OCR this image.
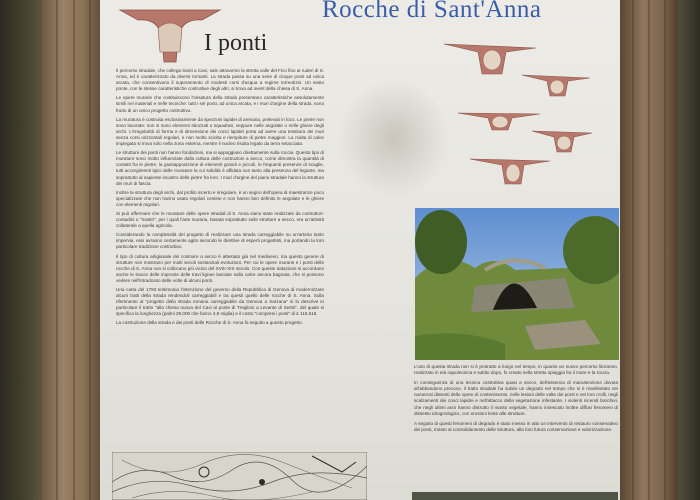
Rocche di Sant'Anna
I ponti

Il percorso stradale, che collega Santi a Cavi, sale attraverso la stretta valle del Fico fino ai ruderi di S. Anna, ed è caratterizzato da diversi tornanti. La strada passa su una serie di cinque ponti ad unica arcata, che consentivano il superamento di modesti corsi d'acqua a regime torrentizio. Un sesto ponte, con le stesse caratteristiche costruttive degli altri, si trova ad ovest della chiesa di S. Anna.

Le opere murarie che costituiscono l'ossatura della strada presentano caratteristiche assolutamente simili nei materiali e nelle tecniche: tutti i sei ponti, ad unica arcata, e i muri d'argine della strada, sono frutto di un unico progetto costruttivo.

La muratura è costruita esclusivamente da spezzoni lapidei di arenaria, prelevati in loco. Le pietre non sono lavorate: non si sono elementi sbozzati o squadrati, neppure nelle angolate o nelle ghiere degli archi. L'irregolarità di forma e di dimensione dei conci lapidei porta ad avere una tessitura dei muri senza corsi orizzontali regolari, e non molto sciolta e riempiture di pietre maggiori. La malta di calce impiegata si trova solo nella zona esterna, mentre il nucleo risulta legato da terra setacciata.

Le strutture dei ponti non hanno fondazioni, ma si appoggiano direttamente sulla roccia. Questo tipo di murature sono molto influenzate dalla cultura delle costruzioni a secco, come dimostra la quantità di contatti fra le pietre, la giustapposizione di elementi grandi e piccoli, le frequenti presenze di scaglie, tutti accorgimenti tipici delle murature la cui solidità è affidata non tanto alla presenza del legante, ma soprattutto al sapiente incastro delle pietre fra loro. I muri d'argine del piano stradale hanno la struttura dei muri di fascia.

Inoltre la struttura degli archi, dal profilo incerto e irregolare, è un segno dell'opera di maestranze poco specializzate che non hanno usato regolari centine e non hanno ben definito le angolate e le ghiere con elementi regolari.

Si può affermare che le murature delle opere stradali di S. Anna siano state realizzate da costruttori-contadini o "mastri", per i quali l'arte muraria, basata soprattutto sulle strutture a secco, era un'attività collaterale a quella agricola.

Considerando la complessità del progetto di realizzare una strada carreggiabile su un'arteria tanto impervia, essi avranno certamente agito secondo le direttive di esperti progettisti, ma portando la loro particolare tradizione costruttiva.

Il tipo di cultura artigianale del costruire a secco è attestato già nel medioevo, ma questo genere di strutture non mostrano per molti secoli sostanziali evoluzioni. Per cui le opere murarie e i ponti delle rocche di S. Anna non si collocano più vicino del XVIII-XIX secolo. Con queste datazione si accordano anche le tracce delle impronte delle travi lignee lasciate sulla calce ancora bagnata, che si possono vedere nell'intradosso delle volte di alcuni ponti.

Una carta del 1793 testimonia l'intenzione del governo della Repubblica di Genova di modernizzare alcuni tratti della strada rendendoli carreggiabili e tra questi quello delle rocche di S. Anna. Sulla riferimento al "progetto della strada romana carreggiabile da Genova a Sarzana" si lo descrive in particolare il tratto "alla chiesa nuova del Cavi al ponte di Treglioni a Levante di Sestri", del quale si specifica la lunghezza (palmi 29.000 che fanno 4,8 miglia) e il costo "compresi i ponti" di £ 115.616.

La costruzione della strada e dei ponti delle Rocche di S. Anna fa seguito a questo progetto.

L'uso di questa strada non si è protratto a lungo nel tempo, in quanto un nuovo percorso litoraneo, realizzato in età napoleonica e subito dopo, fu creato nella stretta spiaggia fra il mare e la roccia.

In conseguenza di una tecnica costruttiva quasi a secco, dell'assenza di manutenzione dovuta all'abbandono precoce, il tratto stradale ha subito un degrado nel tempo che si è manifestato nei numerosi dissesti delle opere di contenimento, nelle lesioni delle volte dei ponti e nei loro crolli, negli scalzamenti dei conci lapidei e nell'attacco della vegetazione infestante. I violenti incendi boschivi, che negli ultimi anni hanno distrutto il manto vegetale, hanno innescato inoltre diffusi fenomeni di dissesto idrogeologico, con erosioni lente alle strutture.

A seguito di questi fenomeni di degrado è stato messo in atto un intervento di restauro conservativo dei ponti, mirato al consolidamento delle strutture, alla loro futura conservazione e valorizzazione.
